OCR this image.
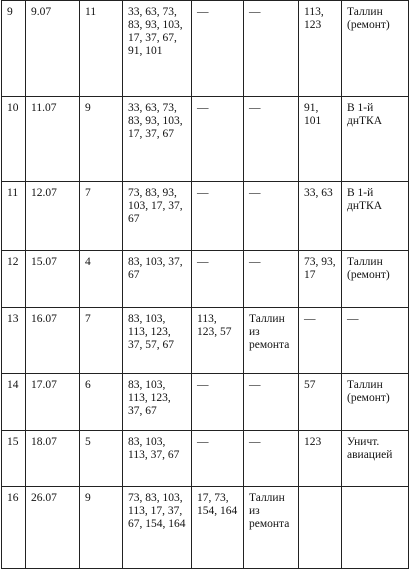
9	9.07	11	33, 63, 73, 83, 93, 103, 17, 37, 67, 91, 101	—	—	113, 123	Таллин (ремонт)
10	11.07	9	33, 63, 73, 83, 93, 103, 17, 37, 67	—	—	91, 101	В 1-й днТКА
11	12.07	7	73, 83, 93, 103, 17, 37, 67	—	—	33, 63	В 1-й днТКА
12	15.07	4	83, 103, 37, 67	—	—	73, 93, 17	Таллин (ремонт)
13	16.07	7	83, 103, 113, 123, 37, 57, 67	113, 123, 57	Таллин из ремонта	—	—
14	17.07	6	83, 103, 113, 123, 37, 67	—	—	57	Таллин (ремонт)
15	18.07	5	83, 103, 113, 37, 67	—	—	123	Уничт. авиацией
16	26.07	9	73, 83, 103, 113, 17, 37, 67, 154, 164	17, 73, 154, 164	Таллин из ремонта		
